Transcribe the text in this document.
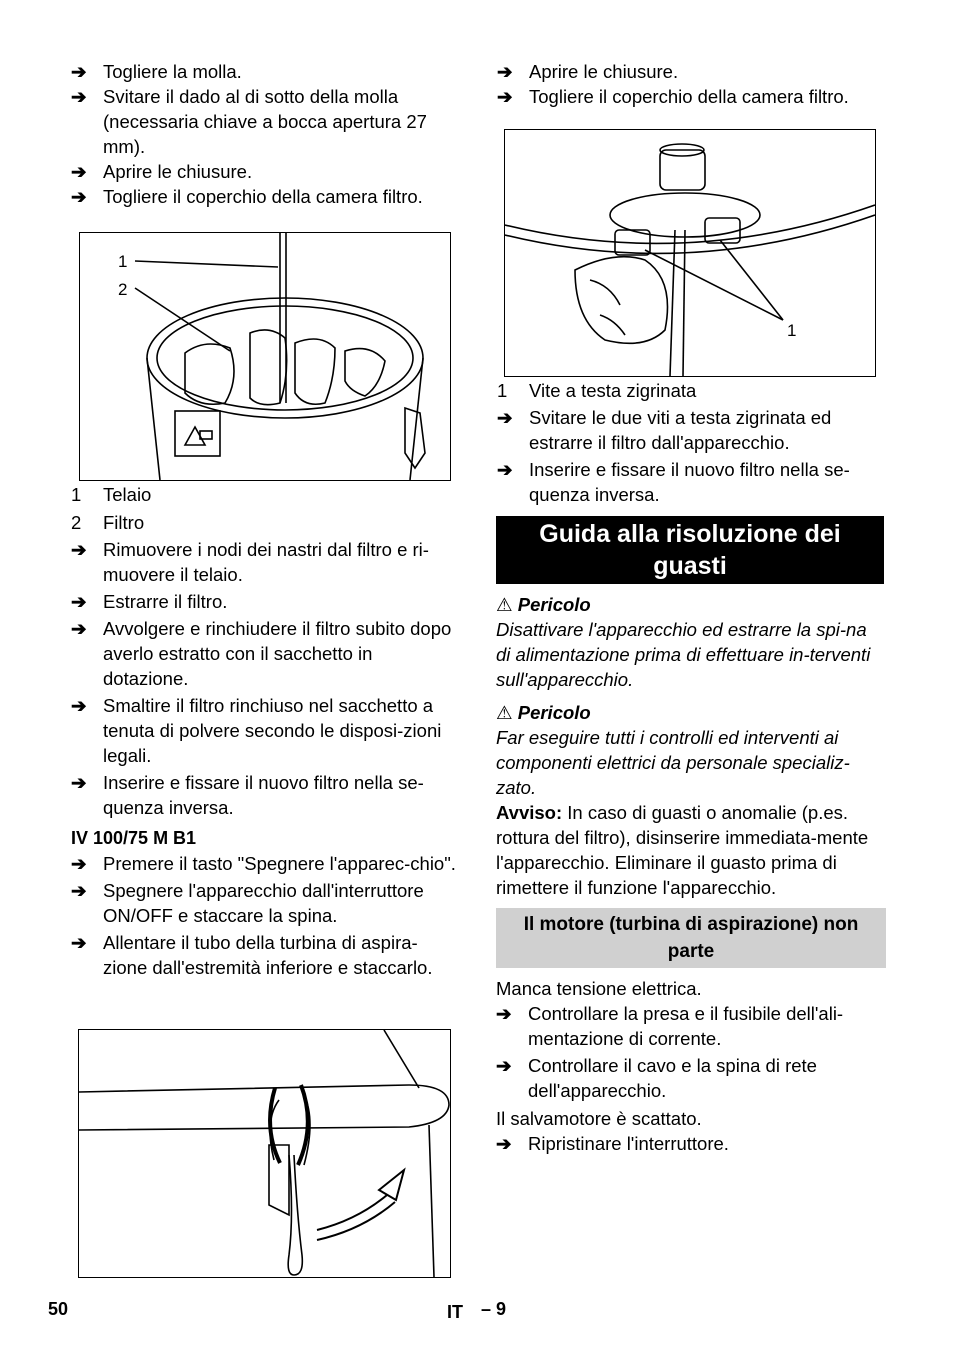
➔ Togliere la molla.
➔ Svitare il dado al di sotto della molla (necessaria chiave a bocca apertura 27 mm).
➔ Aprire le chiusure.
➔ Togliere il coperchio della camera filtro.
1
2
1 Telaio
2 Filtro
➔ Rimuovere i nodi dei nastri dal filtro e ri-muovere il telaio.
➔ Estrarre il filtro.
➔ Avvolgere e rinchiudere il filtro subito dopo averlo estratto con il sacchetto in dotazione.
➔ Smaltire il filtro rinchiuso nel sacchetto a tenuta di polvere secondo le disposi-zioni legali.
➔ Inserire e fissare il nuovo filtro nella se-quenza inversa.
IV 100/75 M B1
➔ Premere il tasto "Spegnere l'apparec-chio".
➔ Spegnere l'apparecchio dall'interruttore ON/OFF e staccare la spina.
➔ Allentare il tubo della turbina di aspira-zione dall'estremità inferiore e staccarlo.
➔ Aprire le chiusure.
➔ Togliere il coperchio della camera filtro.
1
1 Vite a testa zigrinata
➔ Svitare le due viti a testa zigrinata ed estrarre il filtro dall'apparecchio.
➔ Inserire e fissare il nuovo filtro nella se-quenza inversa.
Guida alla risoluzione dei guasti
⚠ Pericolo
Disattivare l'apparecchio ed estrarre la spi-na di alimentazione prima di effettuare in-terventi sull'apparecchio.
⚠ Pericolo
Far eseguire tutti i controlli ed interventi ai componenti elettrici da personale specializ-zato.
Avviso: In caso di guasti o anomalie (p.es. rottura del filtro), disinserire immediata-mente l'apparecchio. Eliminare il guasto prima di rimettere il funzione l'apparecchio.
Il motore (turbina di aspirazione) non parte
Manca tensione elettrica.
➔ Controllare la presa e il fusibile dell'ali-mentazione di corrente.
➔ Controllare il cavo e la spina di rete dell'apparecchio.
Il salvamotore è scattato.
➔ Ripristinare l'interruttore.
50	IT – 9
